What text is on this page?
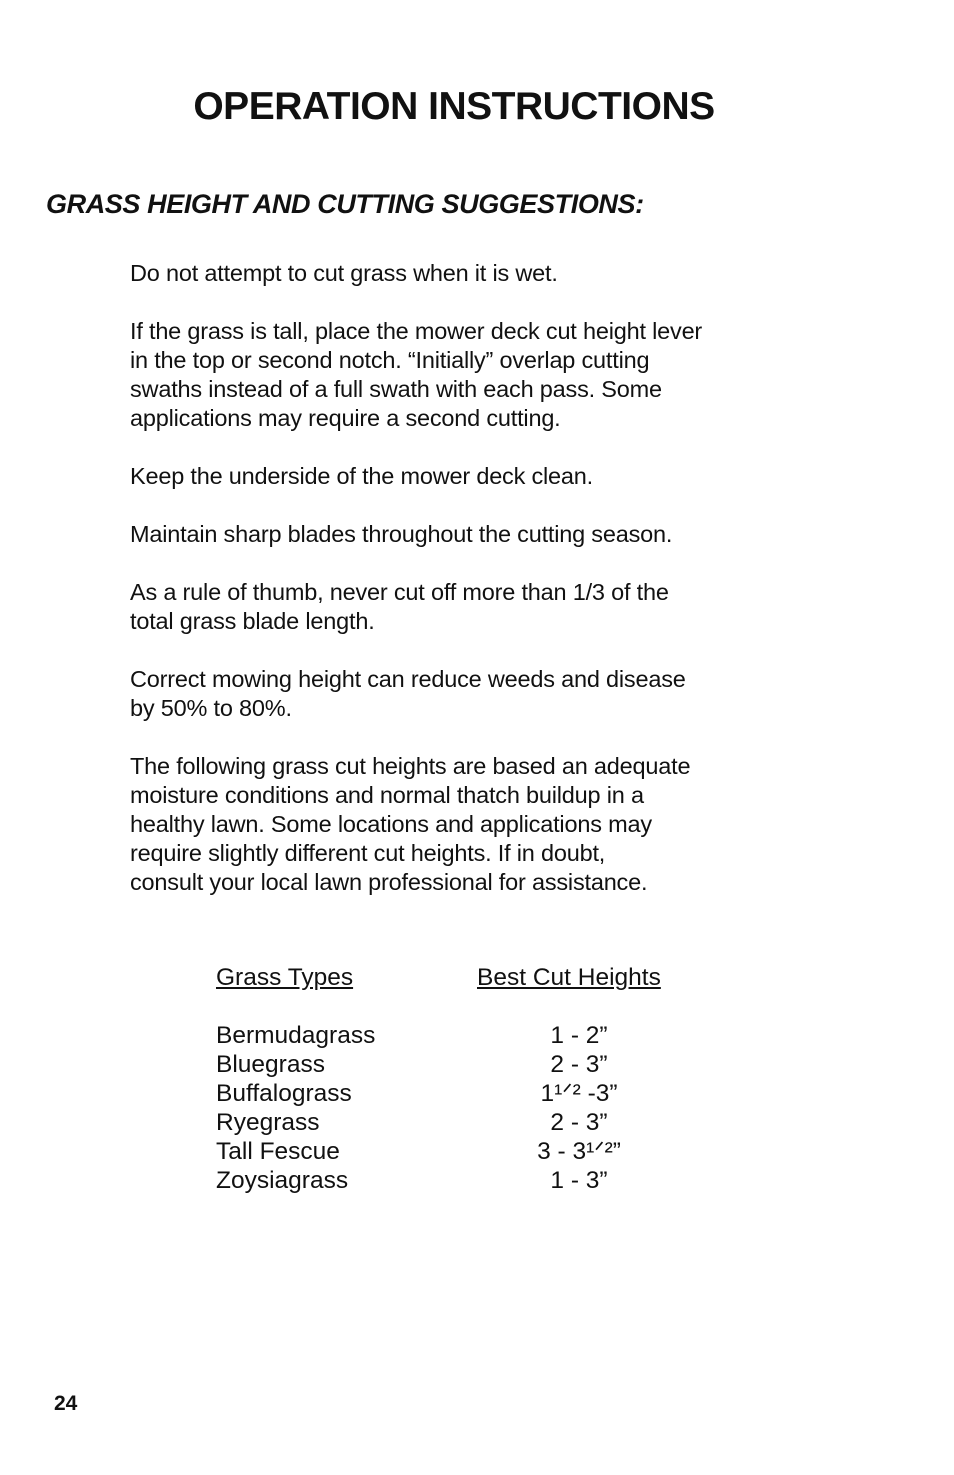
OPERATION INSTRUCTIONS
GRASS HEIGHT AND CUTTING SUGGESTIONS:

Do not attempt to cut grass when it is wet.

If the grass is tall, place the mower deck cut height lever
in the top or second notch. “Initially” overlap cutting
swaths instead of a full swath with each pass. Some
applications may require a second cutting.

Keep the underside of the mower deck clean.

Maintain sharp blades throughout the cutting season.

As a rule of thumb, never cut off more than 1/3 of the
total grass blade length.

Correct mowing height can reduce weeds and disease
by 50% to 80%.

The following grass cut heights are based an adequate
moisture conditions and normal thatch buildup in a
healthy lawn. Some locations and applications may
require slightly different cut heights. If in doubt,
consult your local lawn professional for assistance.

Grass Types	Best Cut Heights
Bermudagrass	1 - 2”
Bluegrass	2 - 3”
Buffalograss	1¹ᐟ² -3”
Ryegrass	2 - 3”
Tall Fescue	3 - 3¹ᐟ²”
Zoysiagrass	1 - 3”
24
